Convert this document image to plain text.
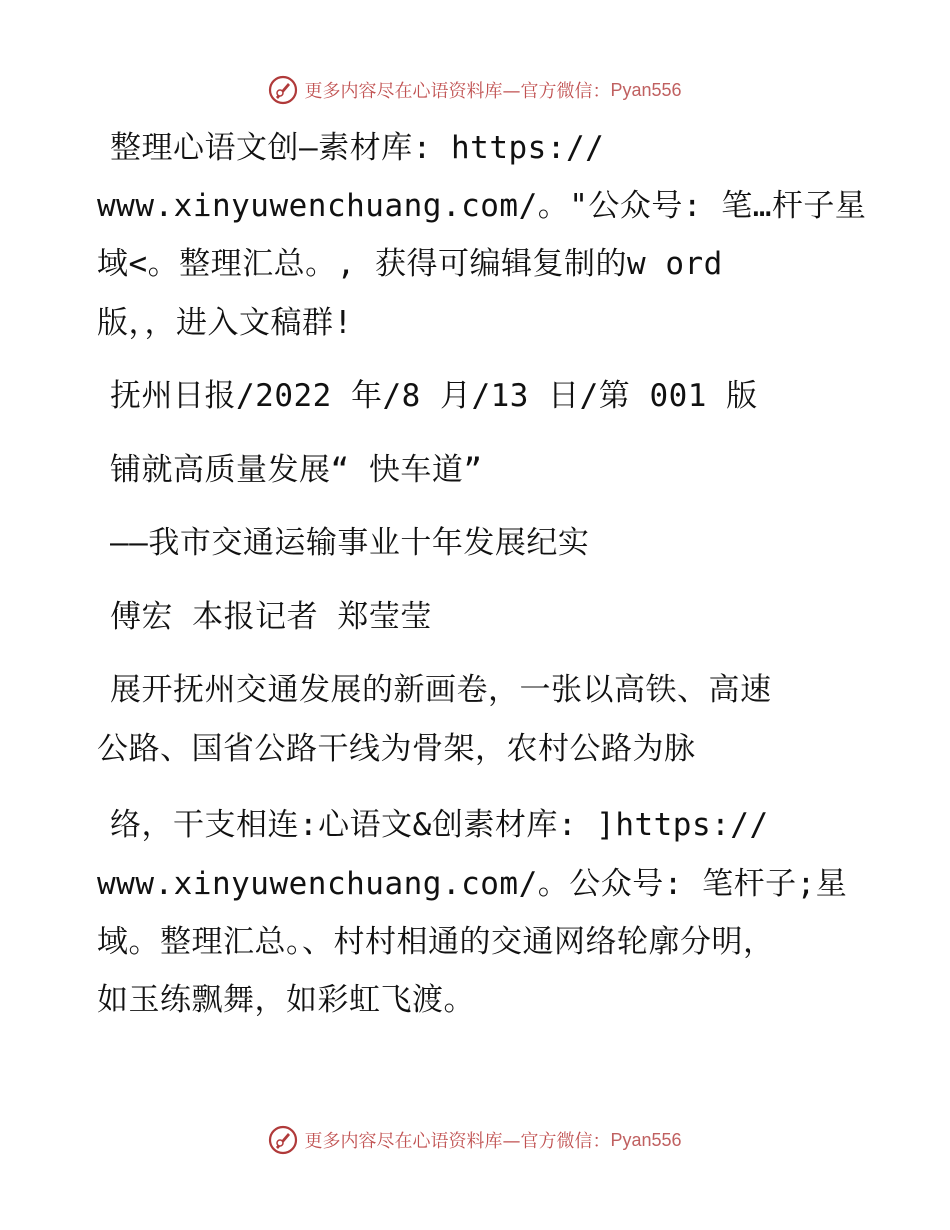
更多内容尽在心语资料库—官方微信： Pyan556
整理心语文创—素材库: https://
www.xinyuwenchuang.com/。"公众号: 笔…杆子星
域<。整理汇总。, 获得可编辑复制的w ord
版，，进入文稿群!
抚州日报/2022 年/8 月/13 日/第 001 版
铺就高质量发展“ 快车道”
——我市交通运输事业十年发展纪实
傅宏 本报记者 郑莹莹
展开抚州交通发展的新画卷，一张以高铁、高速
公路、国省公路干线为骨架，农村公路为脉
络，干支相连:心语文&创素材库: ]https://
www.xinyuwenchuang.com/。公众号: 笔杆子;星
域。整理汇总。、村村相通的交通网络轮廓分明，
如玉练飘舞，如彩虹飞渡。
更多内容尽在心语资料库—官方微信： Pyan556
